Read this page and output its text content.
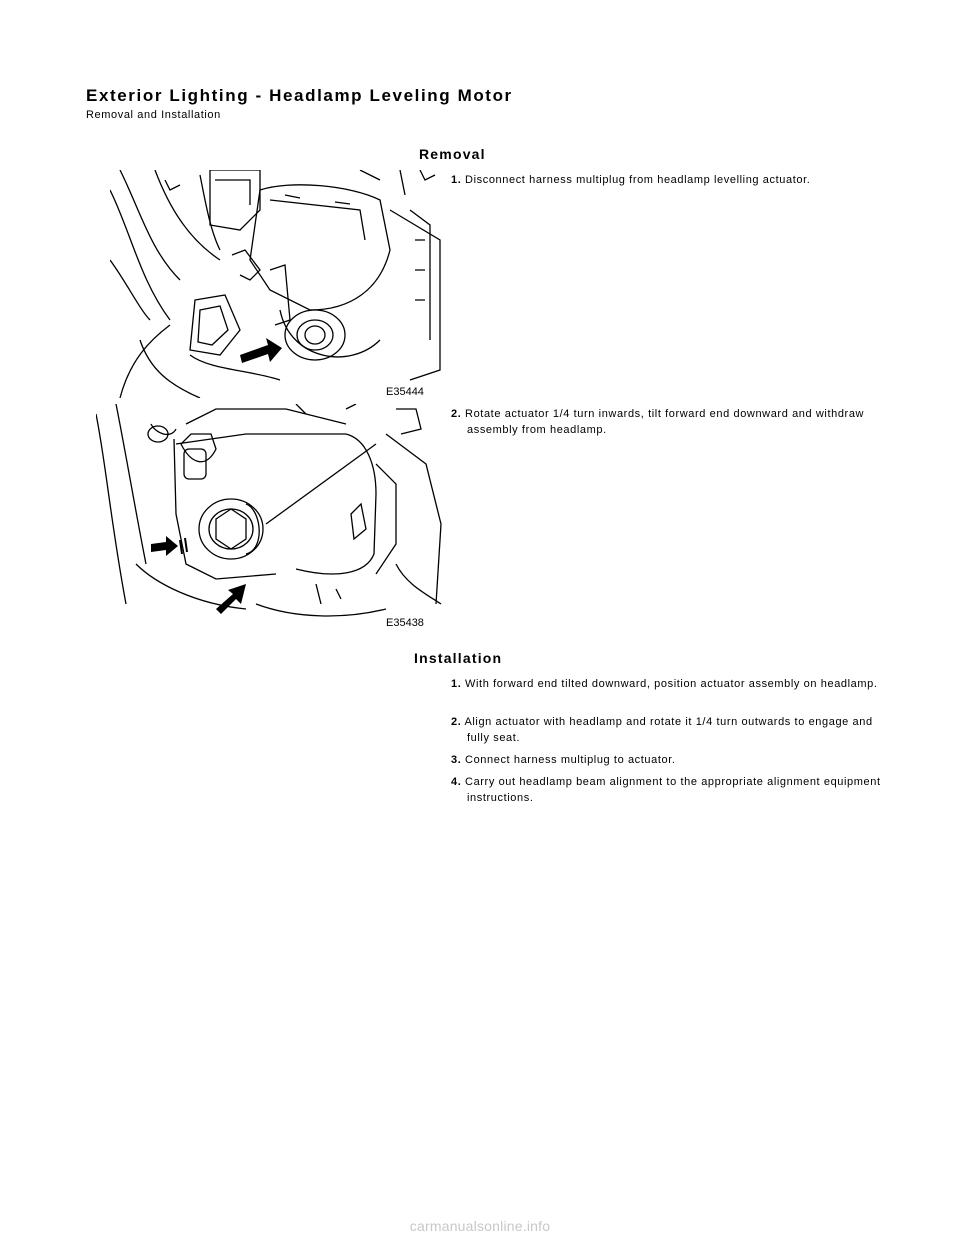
Exterior Lighting - Headlamp Leveling Motor
Removal and Installation
Removal
E35444
1. Disconnect harness multiplug from headlamp levelling actuator.
E35438
2. Rotate actuator 1/4 turn inwards, tilt forward end downward and withdraw assembly from headlamp.
Installation
1. With forward end tilted downward, position actuator assembly on headlamp.
2. Align actuator with headlamp and rotate it 1/4 turn outwards to engage and fully seat.
3. Connect harness multiplug to actuator.
4. Carry out headlamp beam alignment to the appropriate alignment equipment instructions.
carmanualsonline.info
